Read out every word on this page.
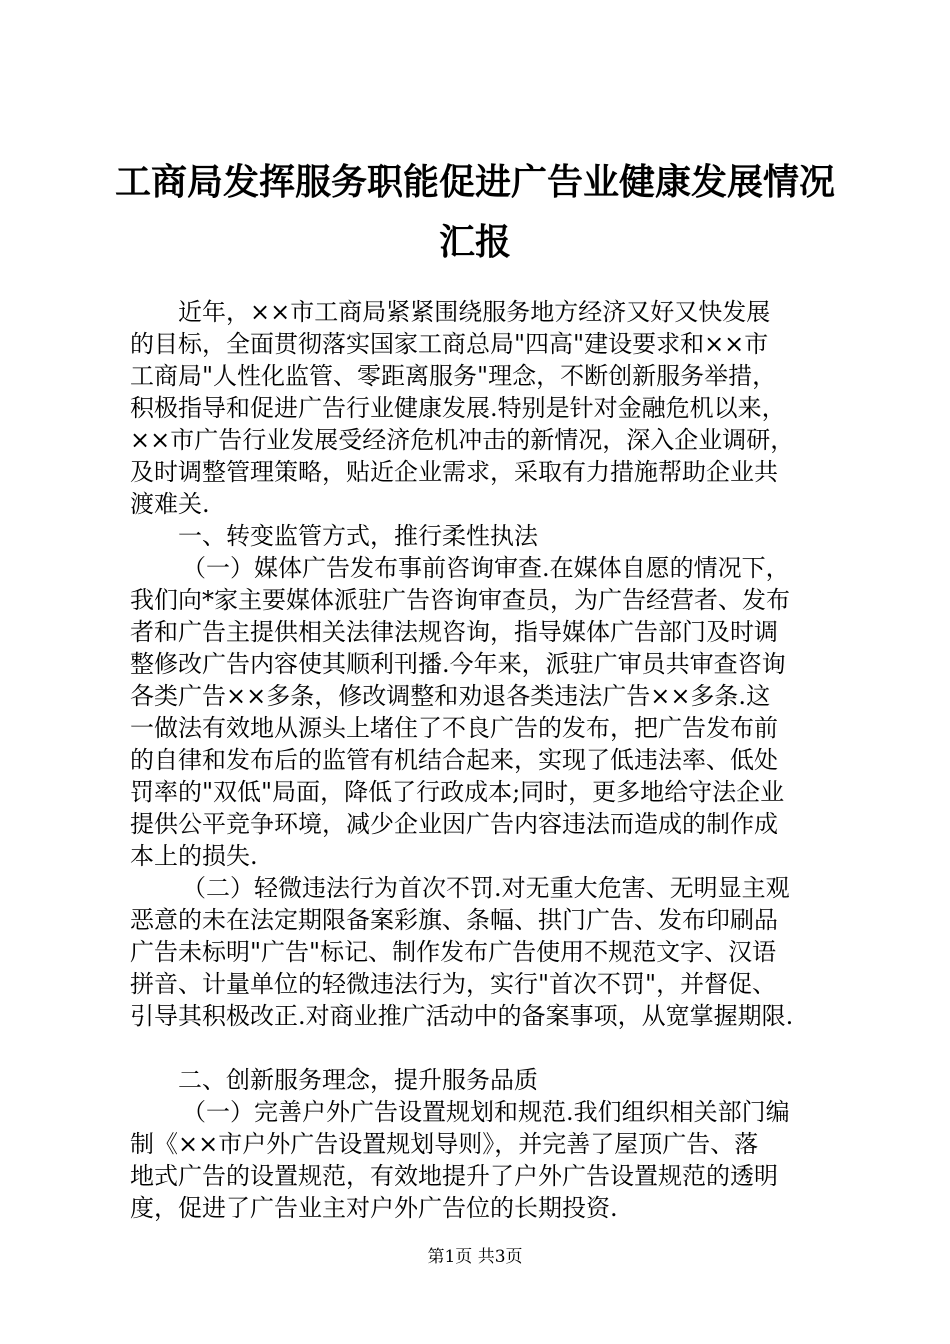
工商局发挥服务职能促进广告业健康发展情况
汇报
近年，××市工商局紧紧围绕服务地方经济又好又快发展
的目标，全面贯彻落实国家工商总局"四高"建设要求和××市
工商局"人性化监管、零距离服务"理念，不断创新服务举措，
积极指导和促进广告行业健康发展.特别是针对金融危机以来，
××市广告行业发展受经济危机冲击的新情况，深入企业调研，
及时调整管理策略，贴近企业需求，采取有力措施帮助企业共
渡难关.
一、转变监管方式，推行柔性执法
（一）媒体广告发布事前咨询审查.在媒体自愿的情况下，
我们向*家主要媒体派驻广告咨询审查员，为广告经营者、发布
者和广告主提供相关法律法规咨询，指导媒体广告部门及时调
整修改广告内容使其顺利刊播.今年来，派驻广审员共审查咨询
各类广告××多条，修改调整和劝退各类违法广告××多条.这
一做法有效地从源头上堵住了不良广告的发布，把广告发布前
的自律和发布后的监管有机结合起来，实现了低违法率、低处
罚率的"双低"局面，降低了行政成本;同时，更多地给守法企业
提供公平竞争环境，减少企业因广告内容违法而造成的制作成
本上的损失.
（二）轻微违法行为首次不罚.对无重大危害、无明显主观
恶意的未在法定期限备案彩旗、条幅、拱门广告、发布印刷品
广告未标明"广告"标记、制作发布广告使用不规范文字、汉语
拼音、计量单位的轻微违法行为，实行"首次不罚"，并督促、
引导其积极改正.对商业推广活动中的备案事项，从宽掌握期限.
二、创新服务理念，提升服务品质
（一）完善户外广告设置规划和规范.我们组织相关部门编
制《××市户外广告设置规划导则》，并完善了屋顶广告、落
地式广告的设置规范，有效地提升了户外广告设置规范的透明
度，促进了广告业主对户外广告位的长期投资.
第1页 共3页
